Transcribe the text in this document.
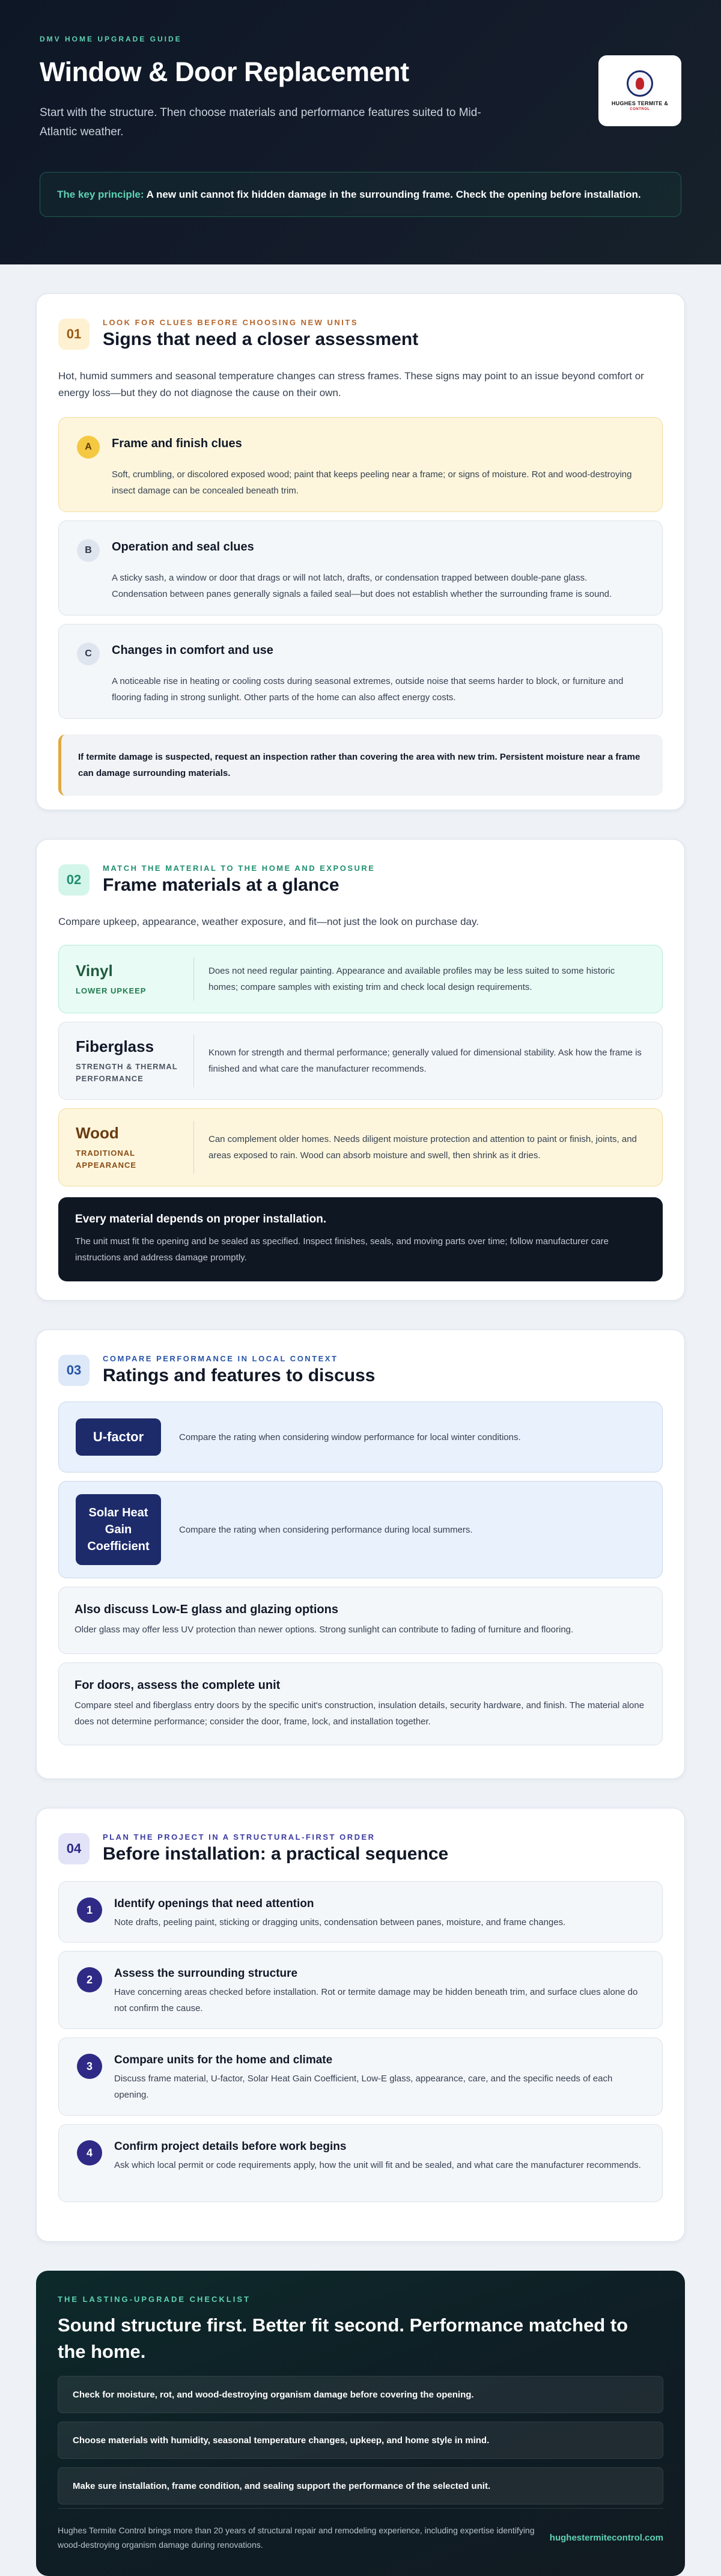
DMV HOME UPGRADE GUIDE
Window & Door Replacement

Start with the structure. Then choose materials and performance features suited to Mid-Atlantic weather.

HUGHES TERMITE &
CONTROL
The key principle: A new unit cannot fix hidden damage in the surrounding frame. Check the opening before installation.
01
LOOK FOR CLUES BEFORE CHOOSING NEW UNITS
Signs that need a closer assessment

Hot, humid summers and seasonal temperature changes can stress frames. These signs may point to an issue beyond comfort or energy loss—but they do not diagnose the cause on their own.

A	Frame and finish clues

Soft, crumbling, or discolored exposed wood; paint that keeps peeling near a frame; or signs of moisture. Rot and wood-destroying insect damage can be concealed beneath trim.

B	Operation and seal clues

A sticky sash, a window or door that drags or will not latch, drafts, or condensation trapped between double-pane glass. Condensation between panes generally signals a failed seal—but does not establish whether the surrounding frame is sound.

C	Changes in comfort and use

A noticeable rise in heating or cooling costs during seasonal extremes, outside noise that seems harder to block, or furniture and flooring fading in strong sunlight. Other parts of the home can also affect energy costs.

If termite damage is suspected, request an inspection rather than covering the area with new trim. Persistent moisture near a frame can damage surrounding materials.
02
MATCH THE MATERIAL TO THE HOME AND EXPOSURE
Frame materials at a glance

Compare upkeep, appearance, weather exposure, and fit—not just the look on purchase day.

Vinyl
LOWER UPKEEP
Does not need regular painting. Appearance and available profiles may be less suited to some historic homes; compare samples with existing trim and check local design requirements.
Fiberglass
STRENGTH & THERMAL PERFORMANCE
Known for strength and thermal performance; generally valued for dimensional stability. Ask how the frame is finished and what care the manufacturer recommends.
Wood
TRADITIONAL APPEARANCE
Can complement older homes. Needs diligent moisture protection and attention to paint or finish, joints, and areas exposed to rain. Wood can absorb moisture and swell, then shrink as it dries.
Every material depends on proper installation.

The unit must fit the opening and be sealed as specified. Inspect finishes, seals, and moving parts over time; follow manufacturer care instructions and address damage promptly.

03
COMPARE PERFORMANCE IN LOCAL CONTEXT
Ratings and features to discuss
U-factor	Compare the rating when considering window performance for local winter conditions.
Solar Heat Gain Coefficient
Compare the rating when considering performance during local summers.
Also discuss Low-E glass and glazing options

Older glass may offer less UV protection than newer options. Strong sunlight can contribute to fading of furniture and flooring.

For doors, assess the complete unit

Compare steel and fiberglass entry doors by the specific unit's construction, insulation details, security hardware, and finish. The material alone does not determine performance; consider the door, frame, lock, and installation together.

04
PLAN THE PROJECT IN A STRUCTURAL-FIRST ORDER
Before installation: a practical sequence
1	Identify openings that need attention

Note drafts, peeling paint, sticking or dragging units, condensation between panes, moisture, and frame changes.

2	Assess the surrounding structure

Have concerning areas checked before installation. Rot or termite damage may be hidden beneath trim, and surface clues alone do not confirm the cause.

3	Compare units for the home and climate

Discuss frame material, U-factor, Solar Heat Gain Coefficient, Low-E glass, appearance, care, and the specific needs of each opening.

4	Confirm project details before work begins

Ask which local permit or code requirements apply, how the unit will fit and be sealed, and what care the manufacturer recommends.

THE LASTING-UPGRADE CHECKLIST
Sound structure first. Better fit second. Performance matched to the home.
Check for moisture, rot, and wood-destroying organism damage before covering the opening.
Choose materials with humidity, seasonal temperature changes, upkeep, and home style in mind.
Make sure installation, frame condition, and sealing support the performance of the selected unit.

Hughes Termite Control brings more than 20 years of structural repair and remodeling experience, including expertise identifying wood-destroying organism damage during renovations.

hughestermitecontrol.com
